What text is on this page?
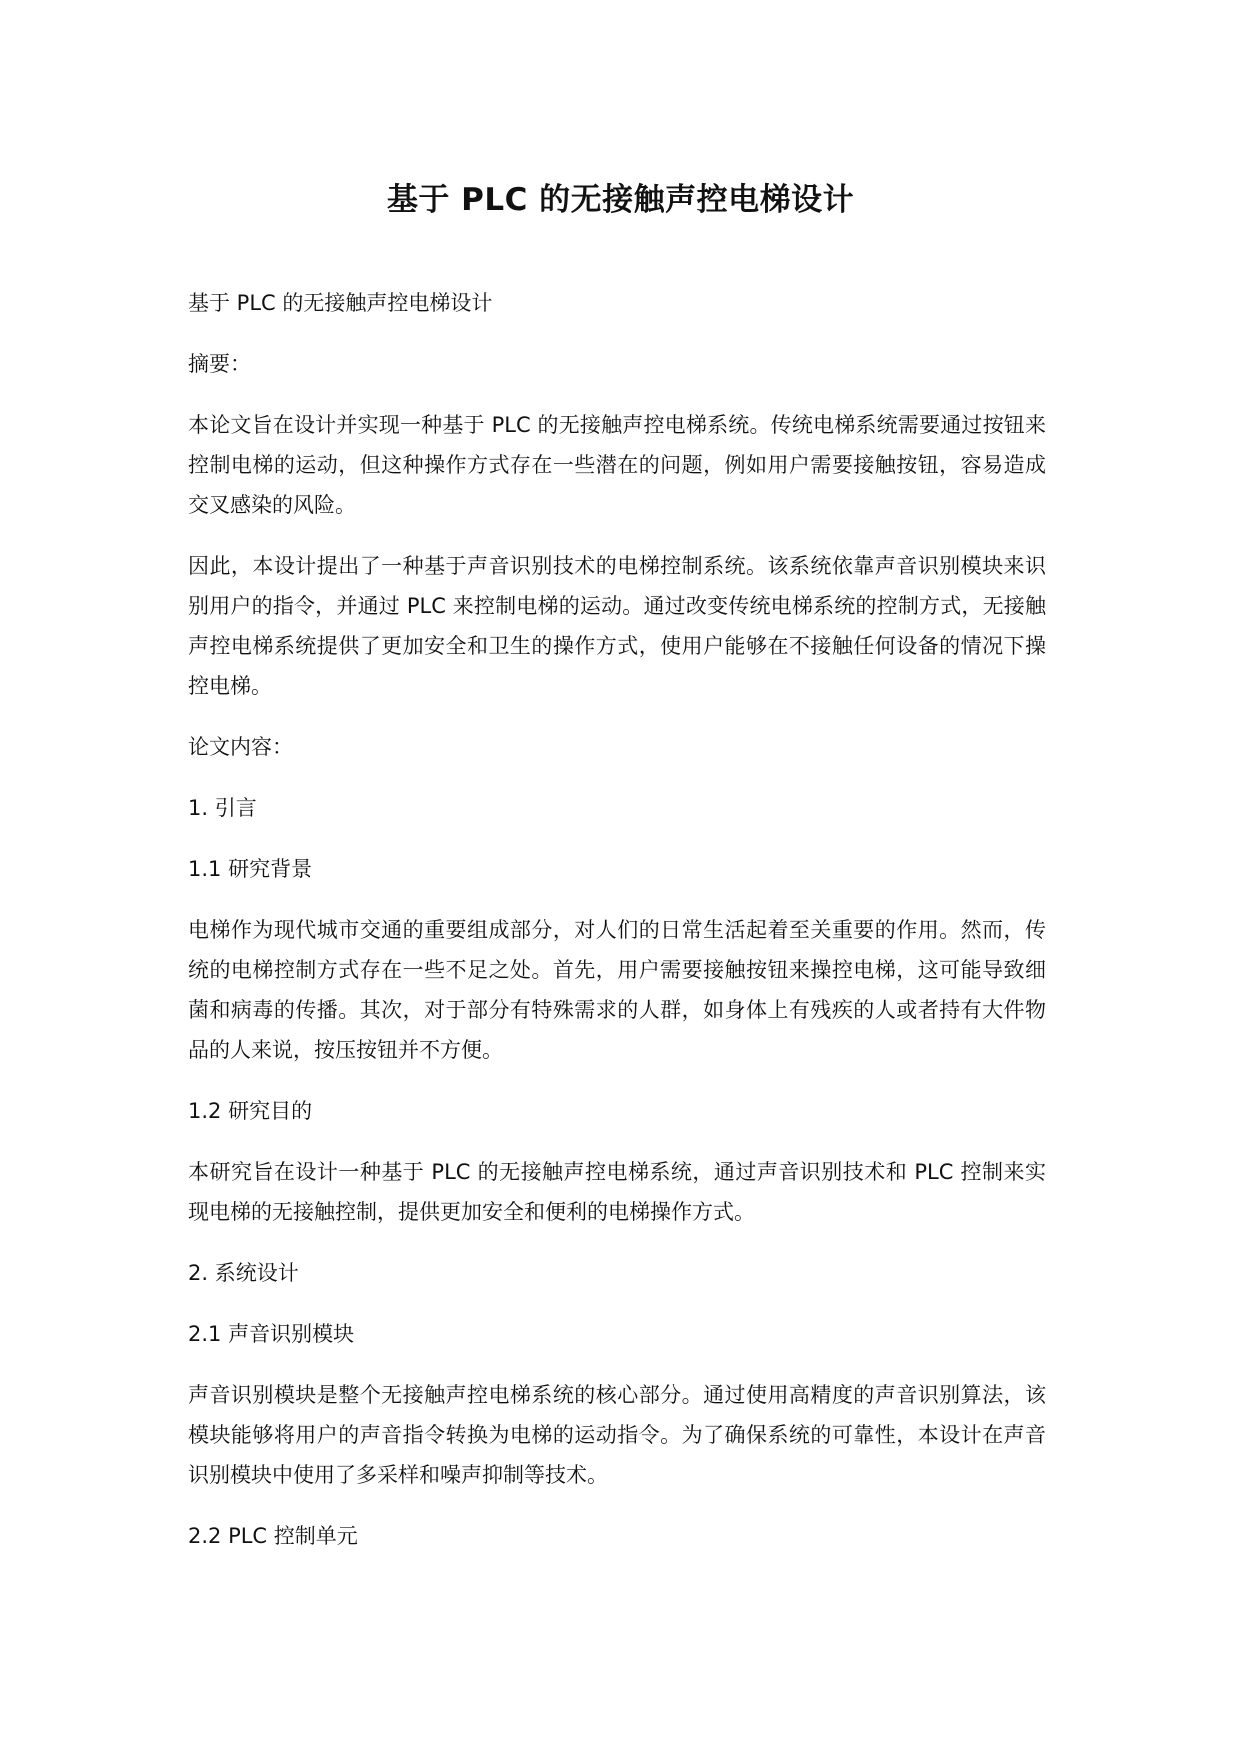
基于 PLC 的无接触声控电梯设计

基于 PLC 的无接触声控电梯设计

摘要：

本论文旨在设计并实现一种基于 PLC 的无接触声控电梯系统。传统电梯系统需要通过按钮来控制电梯的运动，但这种操作方式存在一些潜在的问题，例如用户需要接触按钮，容易造成交叉感染的风险。

因此，本设计提出了一种基于声音识别技术的电梯控制系统。该系统依靠声音识别模块来识别用户的指令，并通过 PLC 来控制电梯的运动。通过改变传统电梯系统的控制方式，无接触声控电梯系统提供了更加安全和卫生的操作方式，使用户能够在不接触任何设备的情况下操控电梯。

论文内容：

1. 引言

1.1 研究背景

电梯作为现代城市交通的重要组成部分，对人们的日常生活起着至关重要的作用。然而，传统的电梯控制方式存在一些不足之处。首先，用户需要接触按钮来操控电梯，这可能导致细菌和病毒的传播。其次，对于部分有特殊需求的人群，如身体上有残疾的人或者持有大件物品的人来说，按压按钮并不方便。

1.2 研究目的

本研究旨在设计一种基于 PLC 的无接触声控电梯系统，通过声音识别技术和 PLC 控制来实现电梯的无接触控制，提供更加安全和便利的电梯操作方式。

2. 系统设计

2.1 声音识别模块

声音识别模块是整个无接触声控电梯系统的核心部分。通过使用高精度的声音识别算法，该模块能够将用户的声音指令转换为电梯的运动指令。为了确保系统的可靠性，本设计在声音识别模块中使用了多采样和噪声抑制等技术。

2.2 PLC 控制单元
